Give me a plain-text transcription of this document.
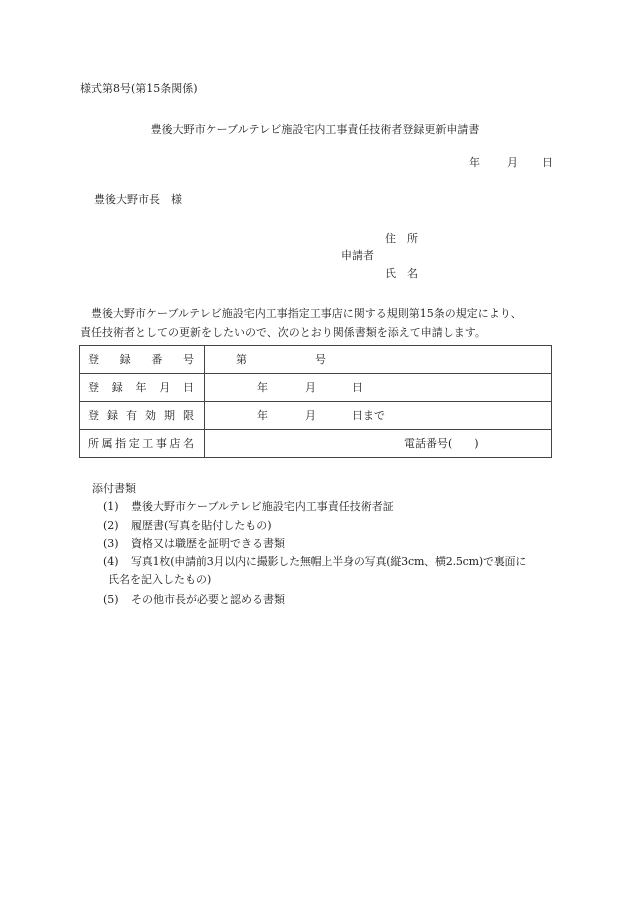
様式第8号(第15条関係)
豊後大野市ケーブルテレビ施設宅内工事責任技術者登録更新申請書
年 月 日
豊後大野市長　様
住　所
申請者
氏　名

豊後大野市ケーブルテレビ施設宅内工事指定工事店に関する規則第15条の規定により、

責任技術者としての更新をしたいので、次のとおり関係書類を添えて申請します。

登録番号	第 号

登録年月日	年 月 日

登録有効期限	年 月 日まで

所属指定工事店名	電話番号(　　)
添付書類
(1) 豊後大野市ケーブルテレビ施設宅内工事責任技術者証
(2) 履歴書(写真を貼付したもの)
(3) 資格又は職歴を証明できる書類
(4) 写真1枚(申請前3月以内に撮影した無帽上半身の写真(縦3cm、横2.5cm)で裏面に
氏名を記入したもの)
(5) その他市長が必要と認める書類
